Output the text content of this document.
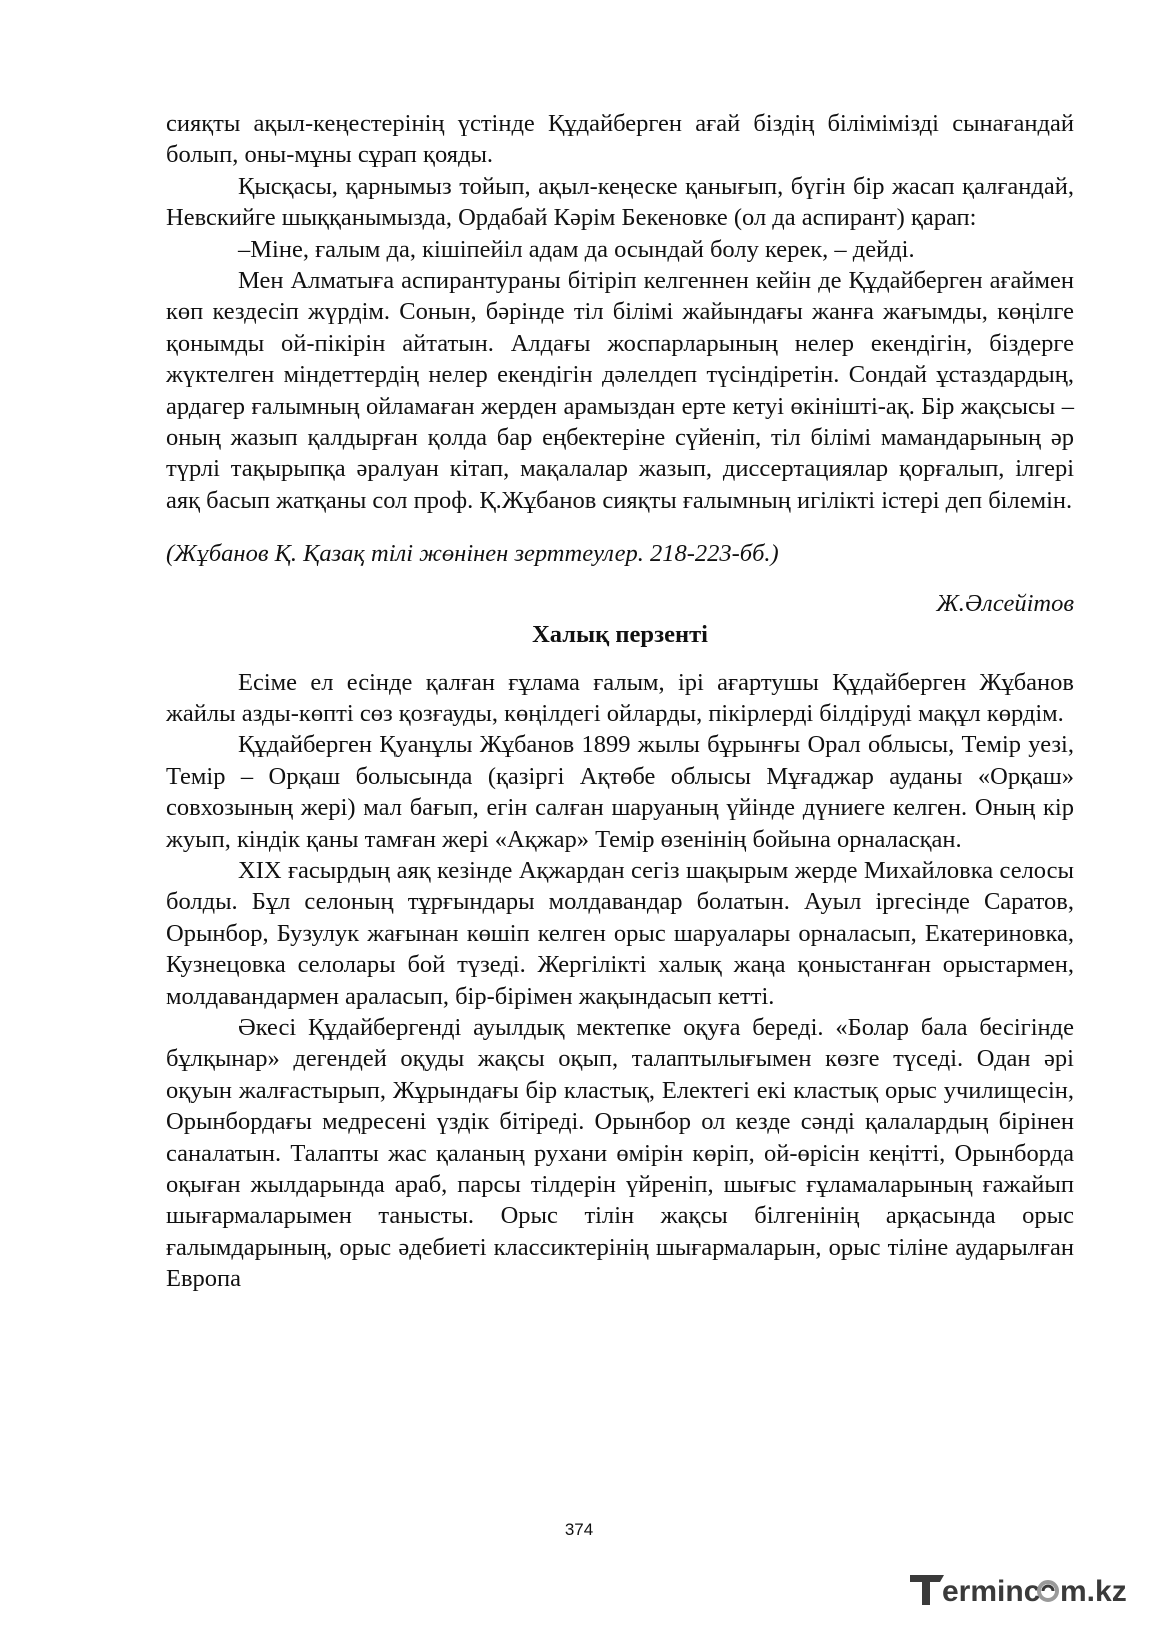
сияқты ақыл-кеңестерінің үстінде Құдайберген ағай біздің білімімізді сынағандай болып, оны-мұны сұрап қояды.

Қысқасы, қарнымыз тойып, ақыл-кеңеске қанығып, бүгін бір жасап қалғандай, Невскийге шыққанымызда, Ордабай Кәрім Бекеновке (ол да аспирант) қарап:

–Міне, ғалым да, кішіпейіл адам да осындай болу керек, – дейді.

Мен Алматыға аспирантураны бітіріп келгеннен кейін де Құдайберген ағаймен көп кездесіп жүрдім. Сонын, бәрінде тіл білімі жайындағы жанға жағымды, көңілге қонымды ой-пікірін айтатын. Алдағы жоспарларының нелер екендігін, біздерге жүктелген міндеттердің нелер екендігін дәлелдеп түсіндіретін. Сондай ұстаздардың, ардагер ғалымның ойламаған жерден арамыздан ерте кетуі өкінішті-ақ. Бір жақсысы – оның жазып қалдырған қолда бар еңбектеріне сүйеніп, тіл білімі мамандарының әр түрлі тақырыпқа әралуан кітап, мақалалар жазып, диссертациялар қорғалып, ілгері аяқ басып жатқаны сол проф. Қ.Жұбанов сияқты ғалымның игілікті істері деп білемін.

(Жұбанов Қ. Қазақ тілі жөнінен зерттеулер. 218-223-бб.)

Ж.Әлсейітов

Халық перзенті

Есіме ел есінде қалған ғұлама ғалым, ірі ағартушы Құдайберген Жұбанов жайлы азды-көпті сөз қозғауды, көңілдегі ойларды, пікірлерді білдіруді мақұл көрдім.

Құдайберген Қуанұлы Жұбанов 1899 жылы бұрынғы Орал облысы, Темір уезі, Темір – Орқаш болысында (қазіргі Ақтөбе облысы Мұғаджар ауданы «Орқаш» совхозының жері) мал бағып, егін салған шаруаның үйінде дүниеге келген. Оның кір жуып, кіндік қаны тамған жері «Ақжар» Темір өзенінің бойына орналасқан.

XIX ғасырдың аяқ кезінде Ақжардан сегіз шақырым жерде Михайловка селосы болды. Бұл селоның тұрғындары молдавандар болатын. Ауыл іргесінде Саратов, Орынбор, Бузулук жағынан көшіп келген орыс шаруалары орналасып, Екатериновка, Кузнецовка селолары бой түзеді. Жергілікті халық жаңа қоныстанған орыстармен, молдавандармен араласып, бір-бірімен жақындасып кетті.

Әкесі Құдайбергенді ауылдық мектепке оқуға береді. «Болар бала бесігінде бұлқынар» дегендей оқуды жақсы оқып, талаптылығымен көзге түседі. Одан әрі оқуын жалғастырып, Жұрындағы бір кластық, Електегі екі кластық орыс училищесін, Орынбордағы медресені үздік бітіреді. Орынбор ол кезде сәнді қалалардың бірінен саналатын. Талапты жас қаланың рухани өмірін көріп, ой-өрісін кеңітті, Орынборда оқыған жылдарында араб, парсы тілдерін үйреніп, шығыс ғұламаларының ғажайып шығармаларымен танысты. Орыс тілін жақсы білгенінің арқасында орыс ғалымдарының, орыс әдебиеті классиктерінің шығармаларын, орыс тіліне аударылған Европа

374
erminc m.kz
